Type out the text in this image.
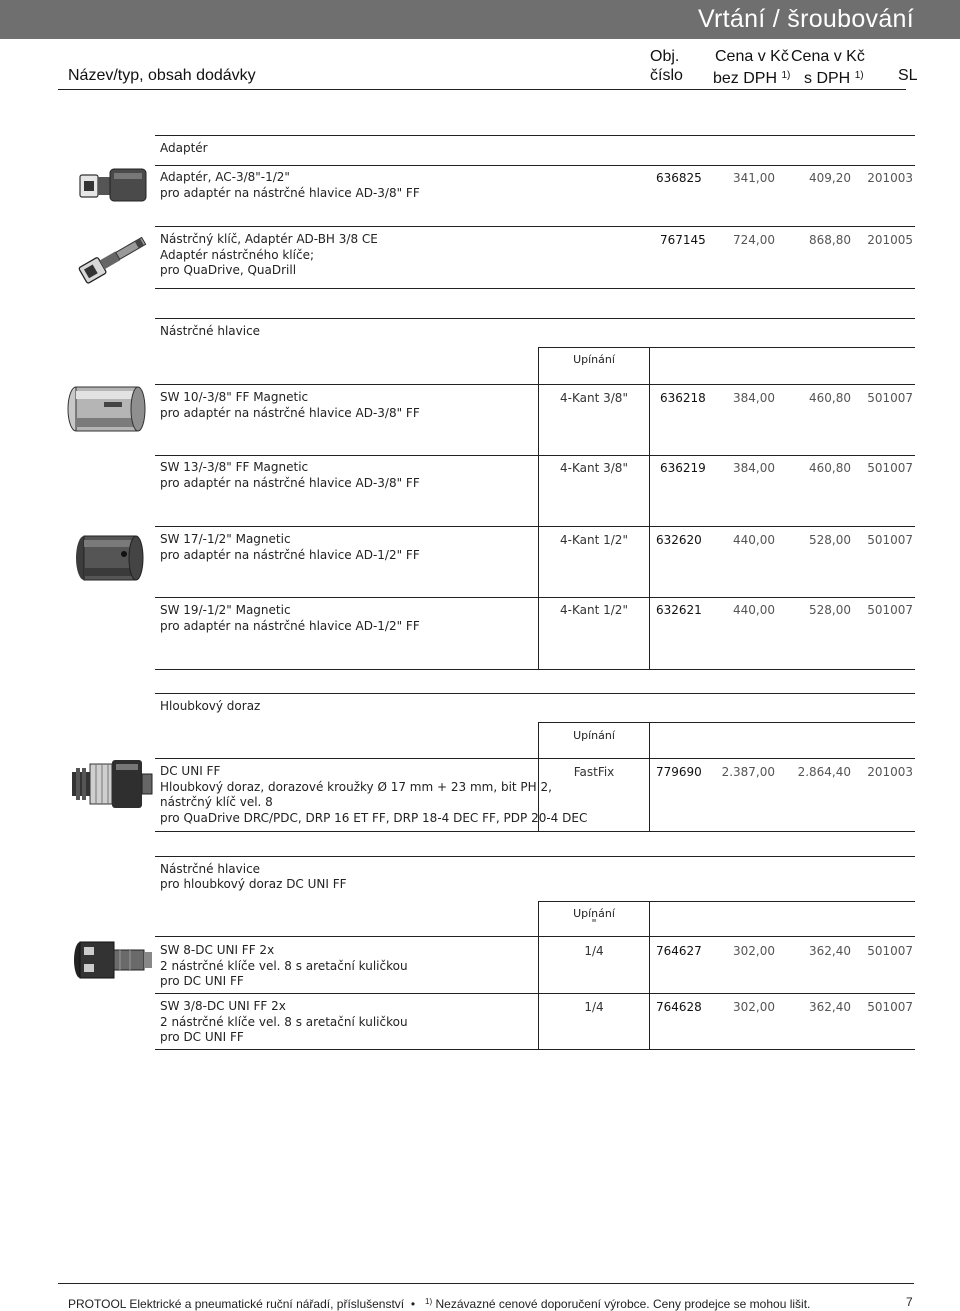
Vrtání / šroubování
Název/typ, obsah dodávky
Obj.
číslo
Cena v Kč
bez DPH $^{1)}$
Cena v Kč
s DPH $^{1)}$ SL
Adaptér
Adaptér, AC-3/8"-1/2"
pro adaptér na nástrčné hlavice AD-3/8" FF
636825	341,00	409,20	201003
Nástrčný klíč, Adaptér AD-BH 3/8 CE
Adaptér nástrčného klíče;
pro QuaDrive, QuaDrill
767145	724,00	868,80	201005
Nástrčné hlavice
Upínání
SW 10/-3/8" FF Magnetic
pro adaptér na nástrčné hlavice AD-3/8" FF
4-Kant 3/8"	636218	384,00	460,80	501007
SW 13/-3/8" FF Magnetic
pro adaptér na nástrčné hlavice AD-3/8" FF
4-Kant 3/8"	636219	384,00	460,80	501007
SW 17/-1/2" Magnetic
pro adaptér na nástrčné hlavice AD-1/2" FF
4-Kant 1/2"	632620	440,00	528,00	501007
SW 19/-1/2" Magnetic
pro adaptér na nástrčné hlavice AD-1/2" FF
4-Kant 1/2"	632621	440,00	528,00	501007
Hloubkový doraz
Upínání
DC UNI FF
Hloubkový doraz, dorazové kroužky Ø 17 mm + 23 mm, bit PH 2,
nástrčný klíč vel. 8
pro QuaDrive DRC/PDC, DRP 16 ET FF, DRP 18-4 DEC FF, PDP 20-4 DEC
FastFix	779690	2.387,00	2.864,40	201003
Nástrčné hlavice
pro hloubkový doraz DC UNI FF
Upínání
"
SW 8-DC UNI FF 2x
2 nástrčné klíče vel. 8 s aretační kuličkou
pro DC UNI FF
1/4	764627	302,00	362,40	501007
SW 3/8-DC UNI FF 2x
2 nástrčné klíče vel. 8 s aretační kuličkou
pro DC UNI FF
1/4	764628	302,00	362,40	501007
PROTOOL Elektrické a pneumatické ruční nářadí, příslušenství  •   $^{1)}$ Nezávazné cenové doporučení výrobce. Ceny prodejce se mohou lišit.	7
